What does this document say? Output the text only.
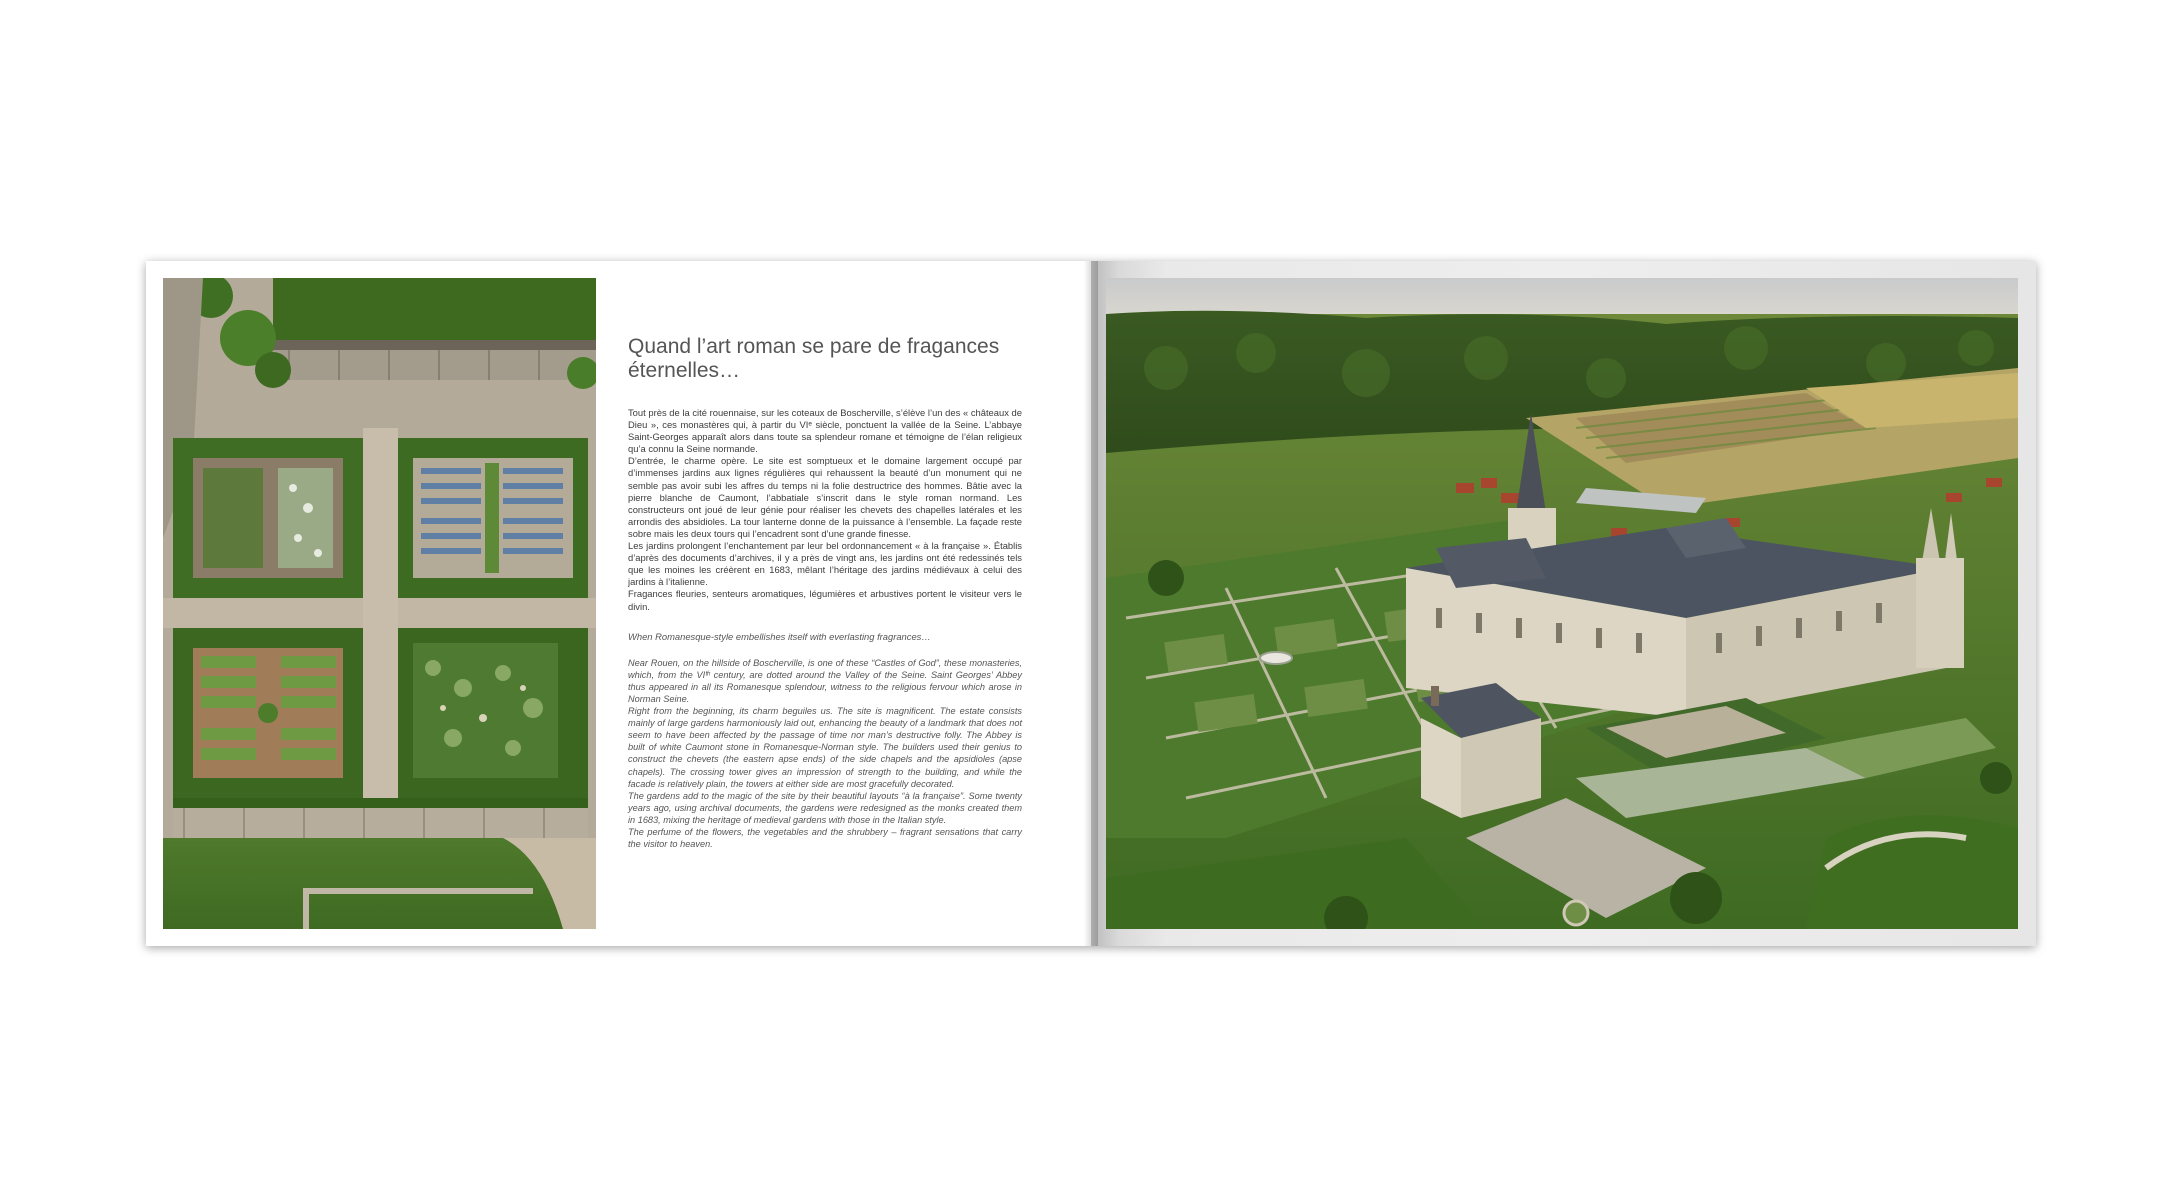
Quand l’art roman se pare de fragances
éternelles…

Tout près de la cité rouennaise, sur les coteaux de Boscherville, s’élève l’un des « châteaux de Dieu », ces monastères qui, à partir du VIᵉ siècle, ponctuent la vallée de la Seine. L’abbaye Saint-Georges apparaît alors dans toute sa splendeur romane et témoigne de l’élan religieux qu’a connu la Seine normande.

D’entrée, le charme opère. Le site est somptueux et le domaine largement occupé par d’immenses jardins aux lignes régulières qui rehaussent la beauté d’un monument qui ne semble pas avoir subi les affres du temps ni la folie destructrice des hommes. Bâtie avec la pierre blanche de Caumont, l’abbatiale s’inscrit dans le style roman normand. Les constructeurs ont joué de leur génie pour réaliser les chevets des chapelles latérales et les arrondis des absidioles. La tour lanterne donne de la puissance à l’ensemble. La façade reste sobre mais les deux tours qui l’encadrent sont d’une grande finesse.

Les jardins prolongent l’enchantement par leur bel ordonnancement « à la française ». Établis d’après des documents d’archives, il y a près de vingt ans, les jardins ont été redessinés tels que les moines les créèrent en 1683, mêlant l’héritage des jardins médiévaux à celui des jardins à l’italienne.

Fragances fleuries, senteurs aromatiques, légumières et arbustives portent le visiteur vers le divin.

When Romanesque-style embellishes itself with everlasting fragrances…

Near Rouen, on the hillside of Boscherville, is one of these “Castles of God”, these monasteries, which, from the VIᵗʰ century, are dotted around the Valley of the Seine. Saint Georges’ Abbey thus appeared in all its Romanesque splendour, witness to the religious fervour which arose in Norman Seine.

Right from the beginning, its charm beguiles us. The site is magnificent. The estate consists mainly of large gardens harmoniously laid out, enhancing the beauty of a landmark that does not seem to have been affected by the passage of time nor man’s destructive folly. The Abbey is built of white Caumont stone in Romanesque-Norman style. The builders used their genius to construct the chevets (the eastern apse ends) of the side chapels and the apsidioles (apse chapels). The crossing tower gives an impression of strength to the building, and while the facade is relatively plain, the towers at either side are most gracefully decorated.

The gardens add to the magic of the site by their beautiful layouts “à la française”. Some twenty years ago, using archival documents, the gardens were redesigned as the monks created them in 1683, mixing the heritage of medieval gardens with those in the Italian style.

The perfume of the flowers, the vegetables and the shrubbery – fragrant sensations that carry the visitor to heaven.
